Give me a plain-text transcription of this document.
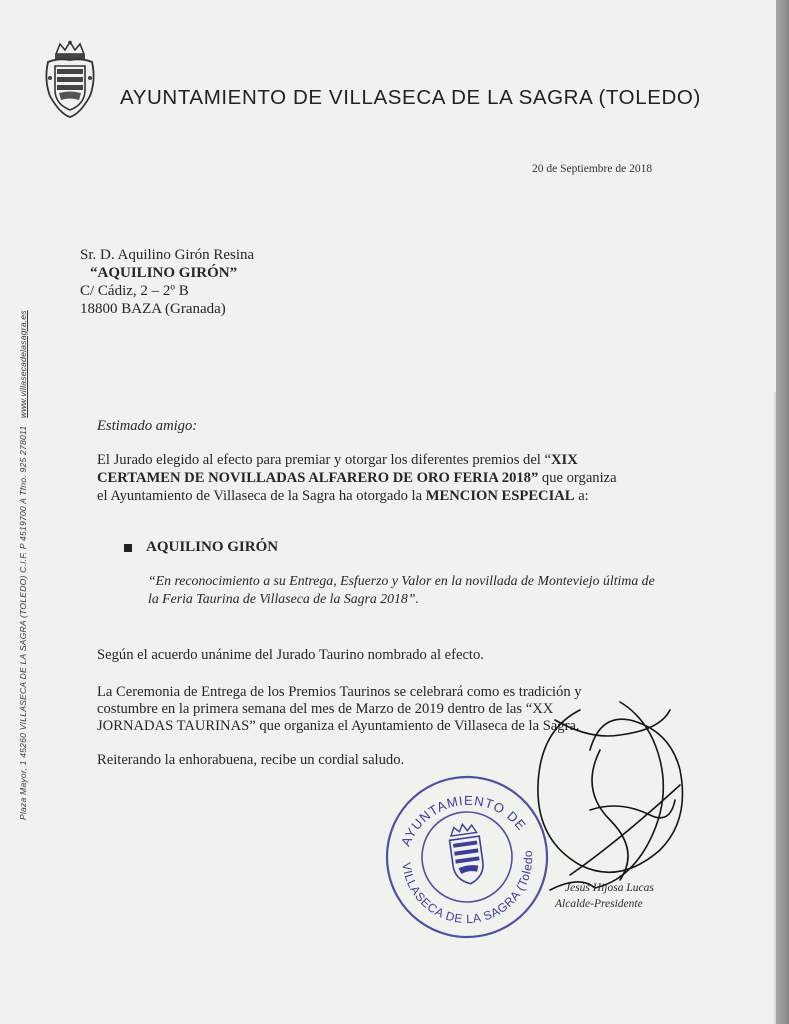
AYUNTAMIENTO DE VILLASECA DE LA SAGRA (TOLEDO)
Plaza Mayor, 1 45260 VILLASECA DE LA SAGRA (TOLEDO) C.I.F. P 4519700 A Tfno. 925 278011   www.villasecadelasagra.es
20 de Septiembre de 2018
Sr. D. Aquilino Girón Resina
“AQUILINO GIRÓN”
C/ Cádiz, 2 – 2º B
18800 BAZA (Granada)
Estimado amigo:
El Jurado elegido al efecto para premiar y otorgar los diferentes premios del “XIX
CERTAMEN DE NOVILLADAS ALFARERO DE ORO FERIA 2018” que organiza
el Ayuntamiento de Villaseca de la Sagra ha otorgado la MENCION ESPECIAL a:
AQUILINO GIRÓN
“En reconocimiento a su Entrega, Esfuerzo y Valor en la novillada de Monteviejo última de
la Feria Taurina de Villaseca de la Sagra 2018”.
Según el acuerdo unánime del Jurado Taurino nombrado al efecto.
La Ceremonia de Entrega de los Premios Taurinos se celebrará como es tradición y
costumbre en la primera semana del mes de Marzo de 2019 dentro de las “XX
JORNADAS TAURINAS” que organiza el Ayuntamiento de Villaseca de la Sagra.
Reiterando la enhorabuena, recibe un cordial saludo.
AYUNTAMIENTO DE
VILLASECA DE LA SAGRA (Toledo)
Jesús Hijosa Lucas
Alcalde-Presidente
